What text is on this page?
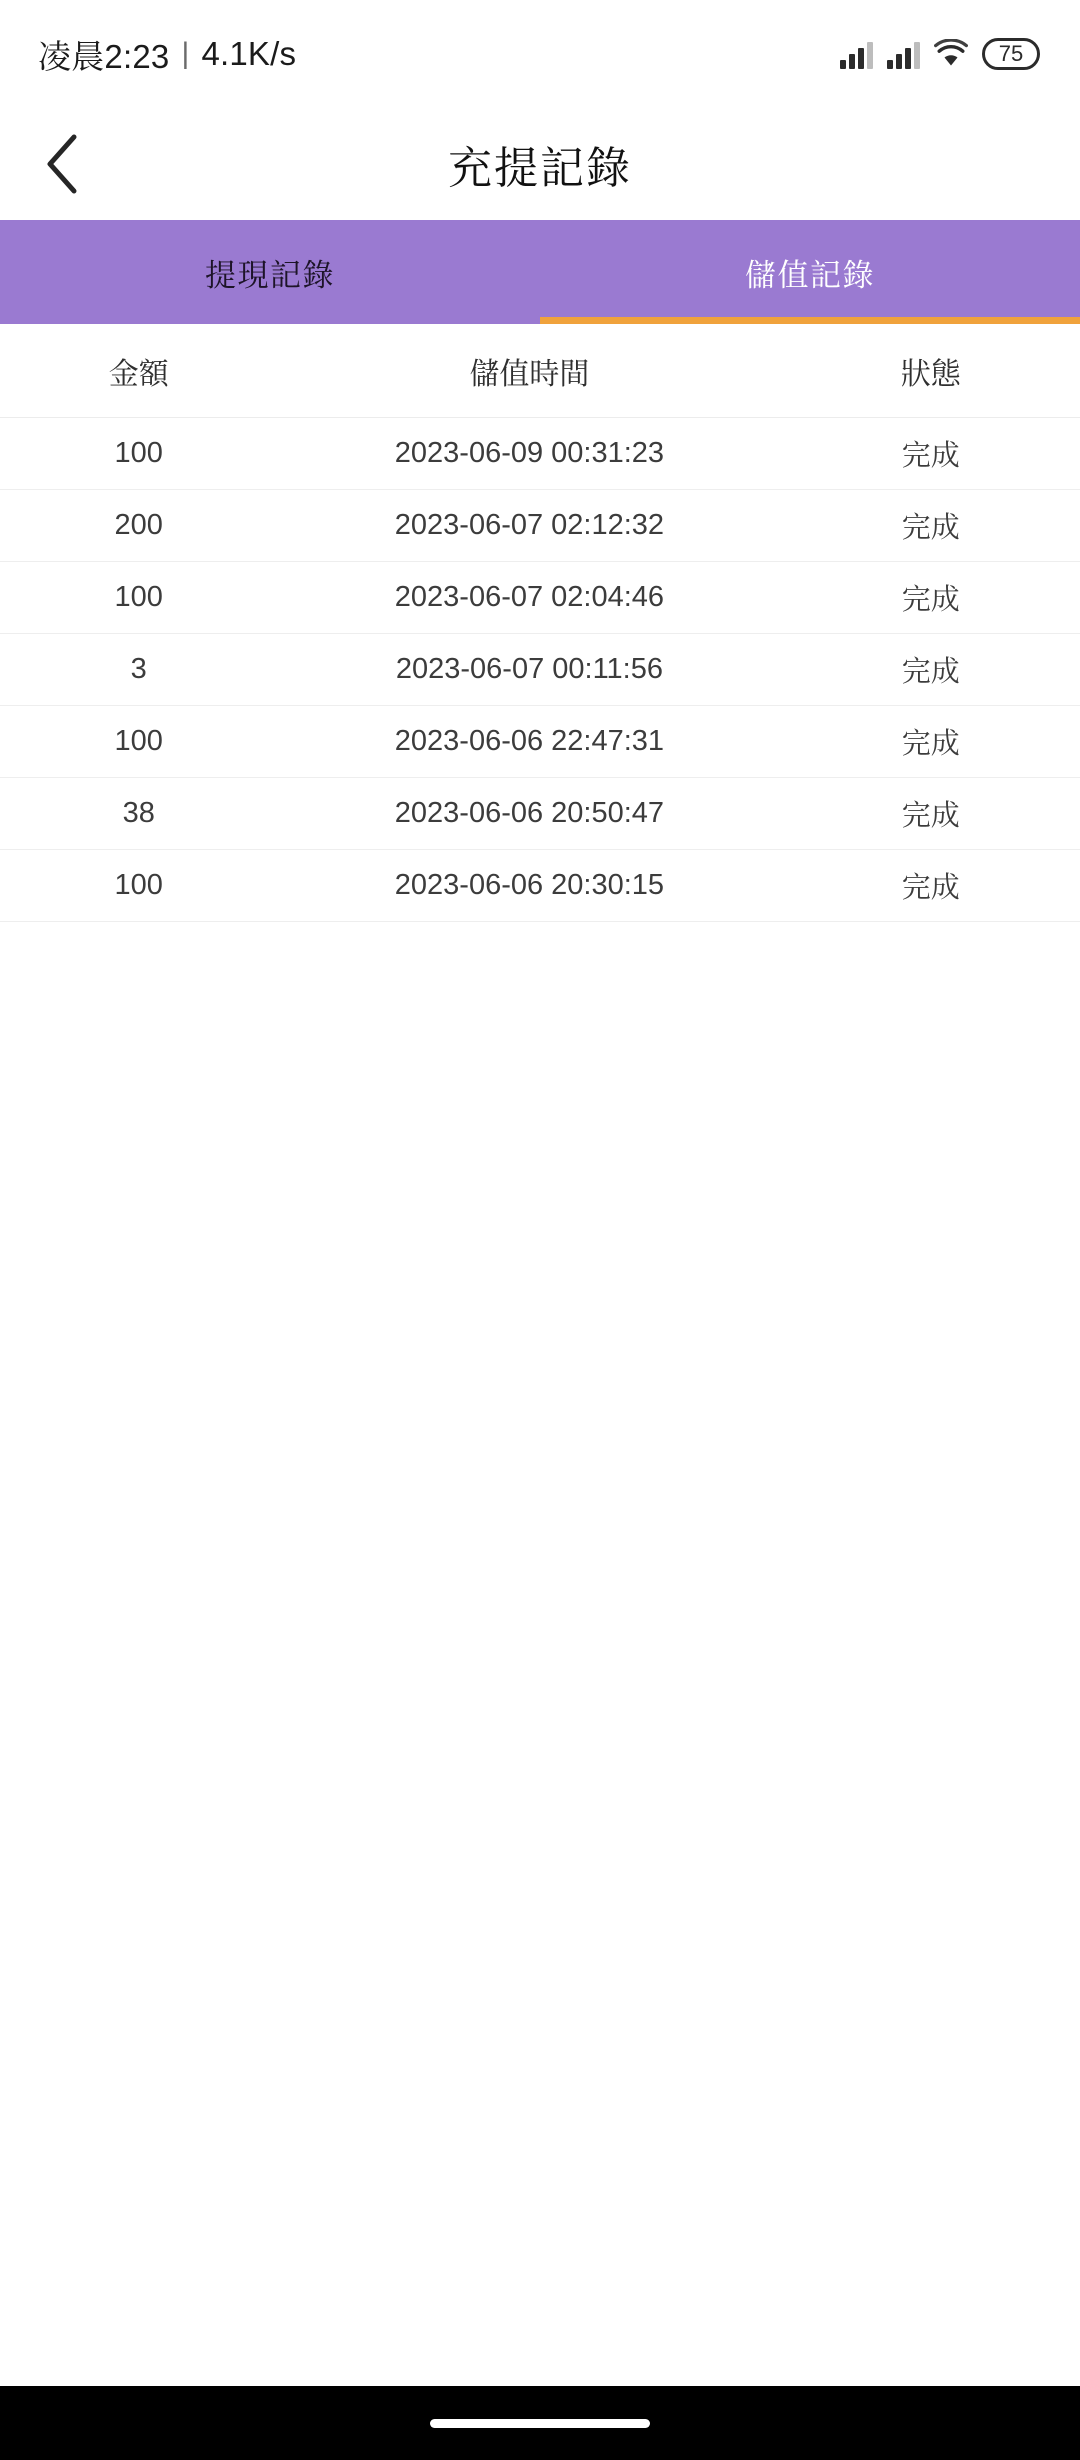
凌晨2:23 | 4.1K/s	75
充提記錄
提現記錄	儲值記錄
金額	儲值時間	狀態
100	2023-06-09 00:31:23	完成
200	2023-06-07 02:12:32	完成
100	2023-06-07 02:04:46	完成
3	2023-06-07 00:11:56	完成
100	2023-06-06 22:47:31	完成
38	2023-06-06 20:50:47	完成
100	2023-06-06 20:30:15	完成
